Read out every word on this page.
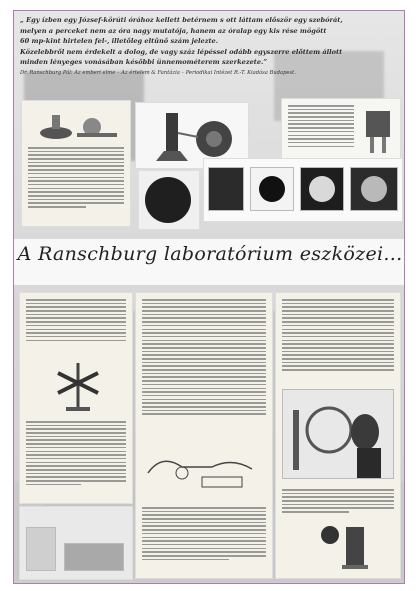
„ Egy ízben egy József-körúti órához kellett betérnem s ott láttam először egy szebórát,

melyen a perceket nem az óra nagy mutatója, hanem az óralap egy kis rése mögött

60 mp-kint hirtelen fel-, illetőleg eltűnő szám jelezte.

Közelebbről nem érdekelt a dolog, de vagy száz lépéssel odább egyszerre előttem állott

minden lényeges vonásában későbbi ünnemométerem szerkezete.”

Dr. Ranschburg Pál: Az emberi elme – Az értelem & Fantázia – Periodikai Intézet R.-T. Kiadása Budapest.

A Ranschburg laboratórium eszközei...
